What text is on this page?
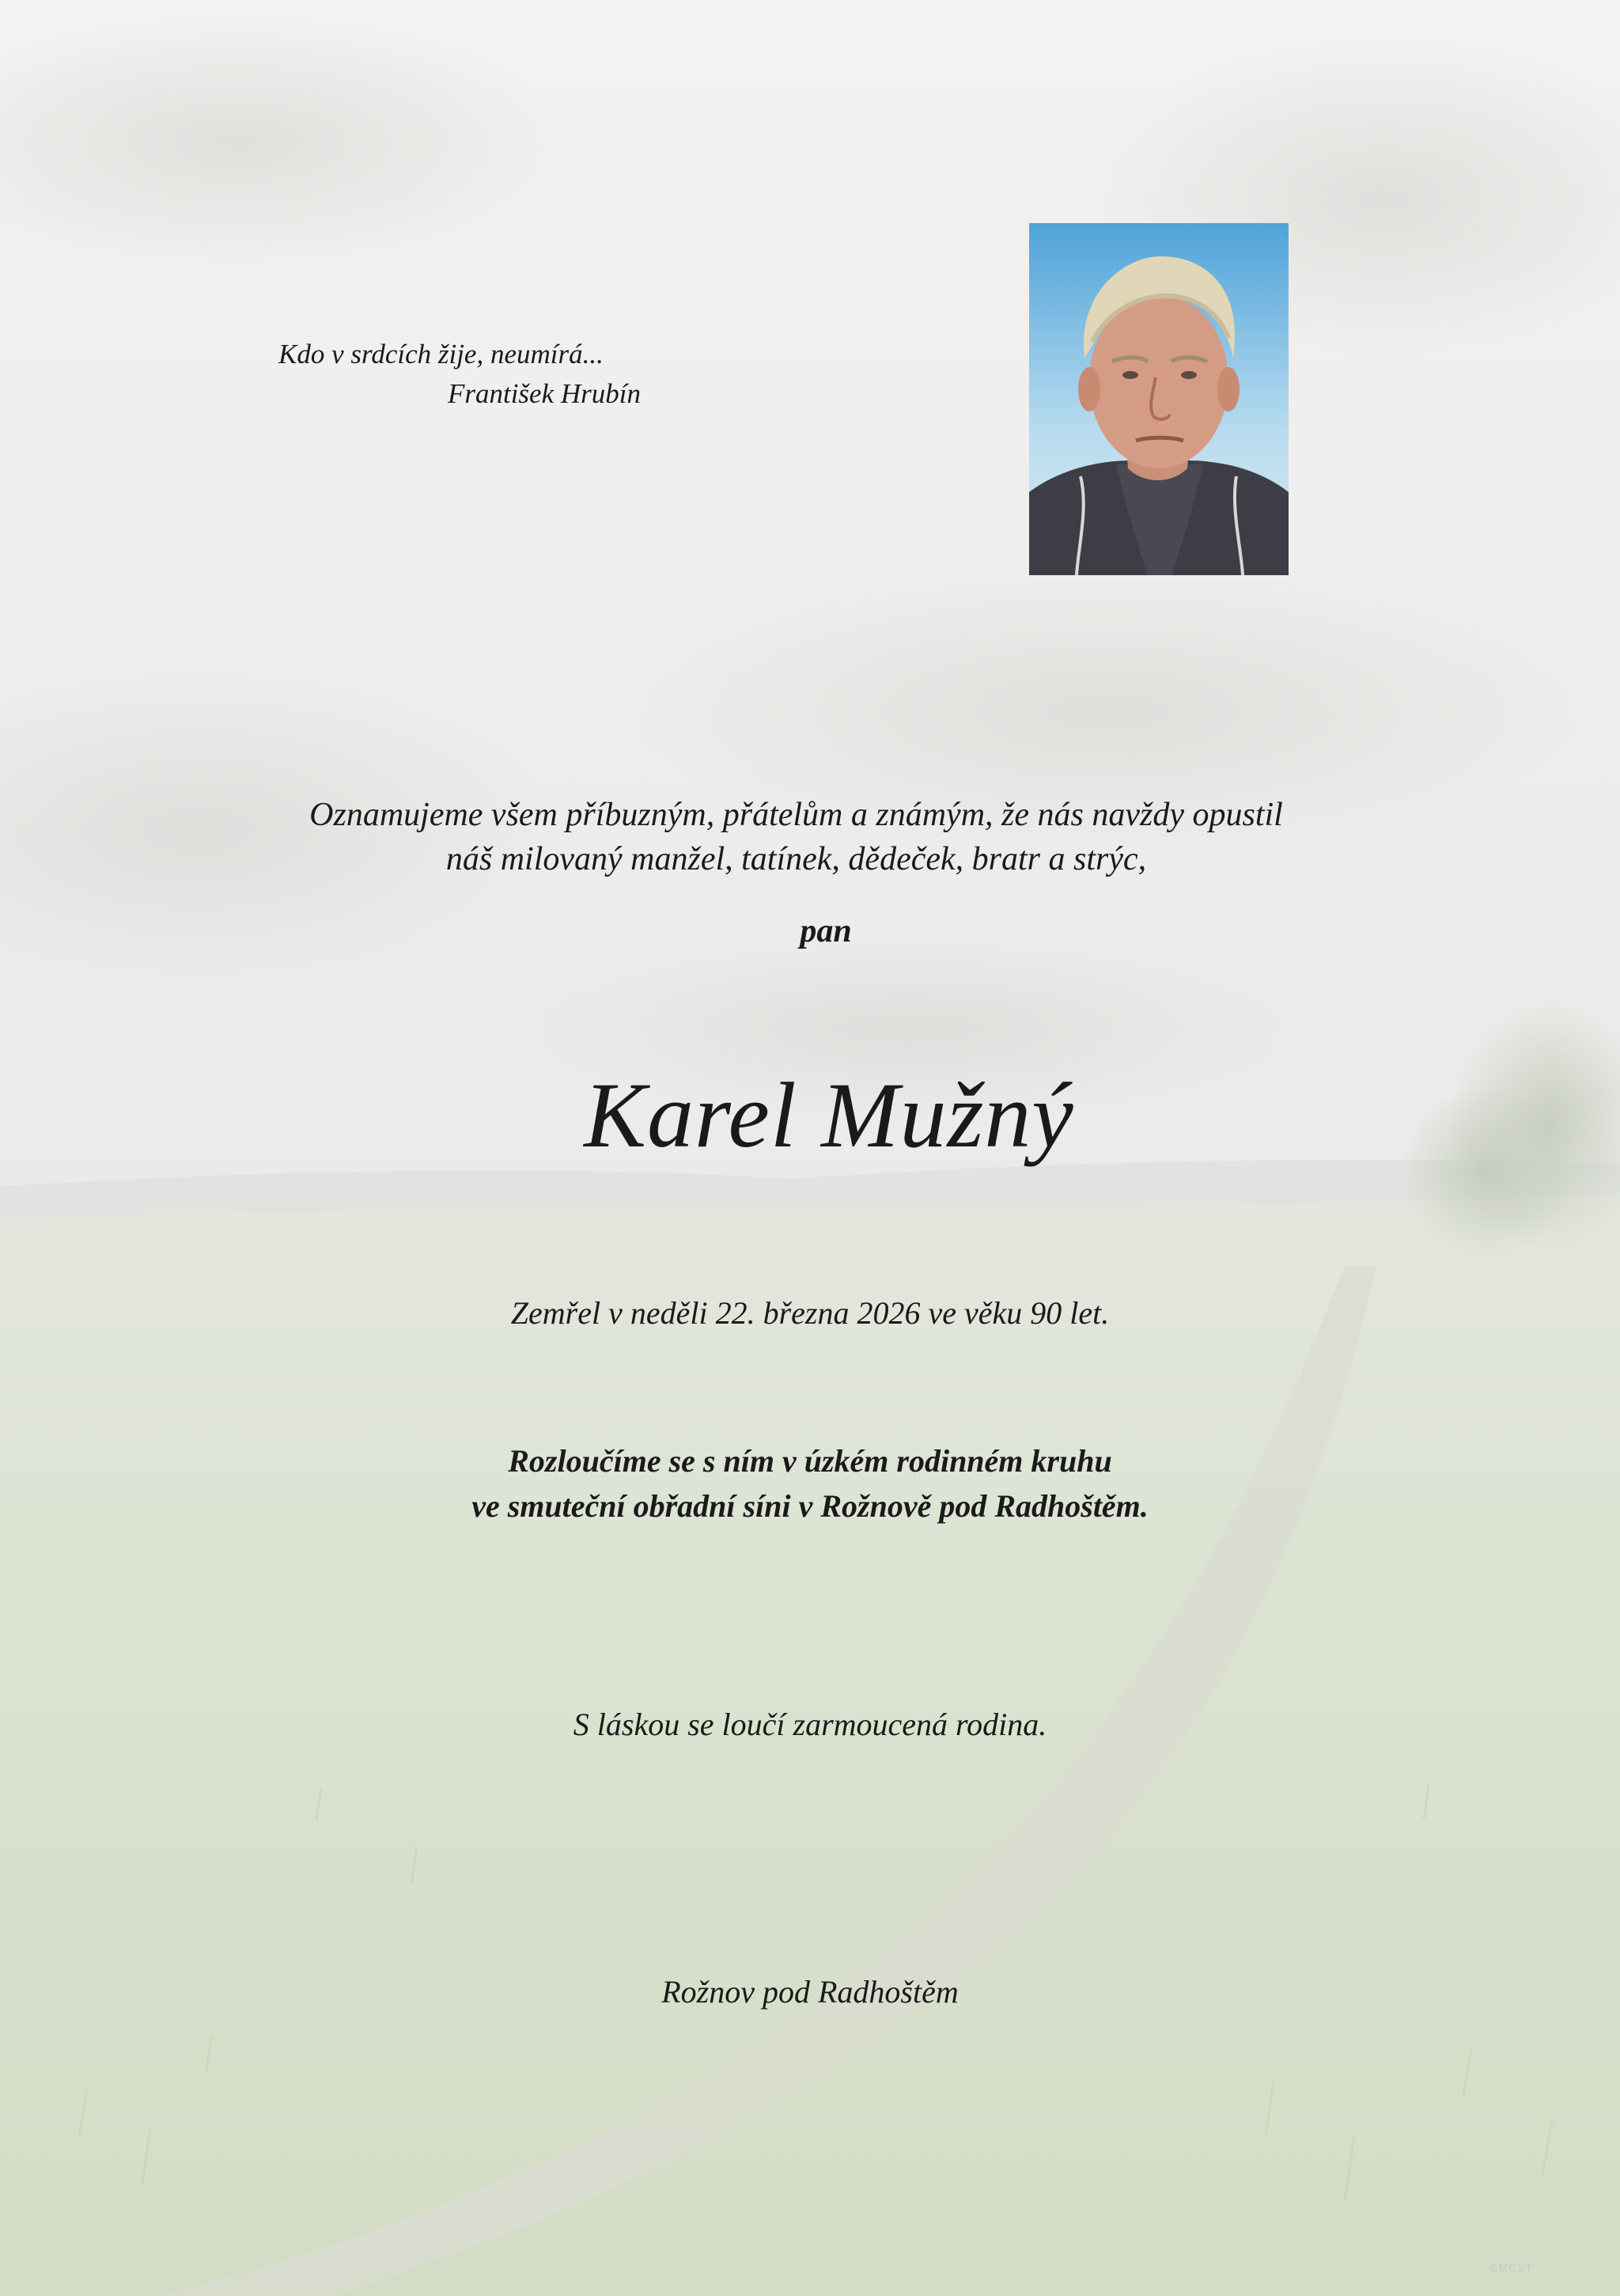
Kdo v srdcích žije, neumírá...
František Hrubín

Oznamujeme všem příbuzným, přátelům a známým, že nás navždy opustil
náš milovaný manžel, tatínek, dědeček, bratr a strýc,

pan

Karel Mužný

Zemřel v neděli 22. března 2026 ve věku 90 let.

Rozloučíme se s ním v úzkém rodinném kruhu
ve smuteční obřadní síni v Rožnově pod Radhoštěm.

S láskou se loučí zarmoucená rodina.

Rožnov pod Radhoštěm

©MCST
